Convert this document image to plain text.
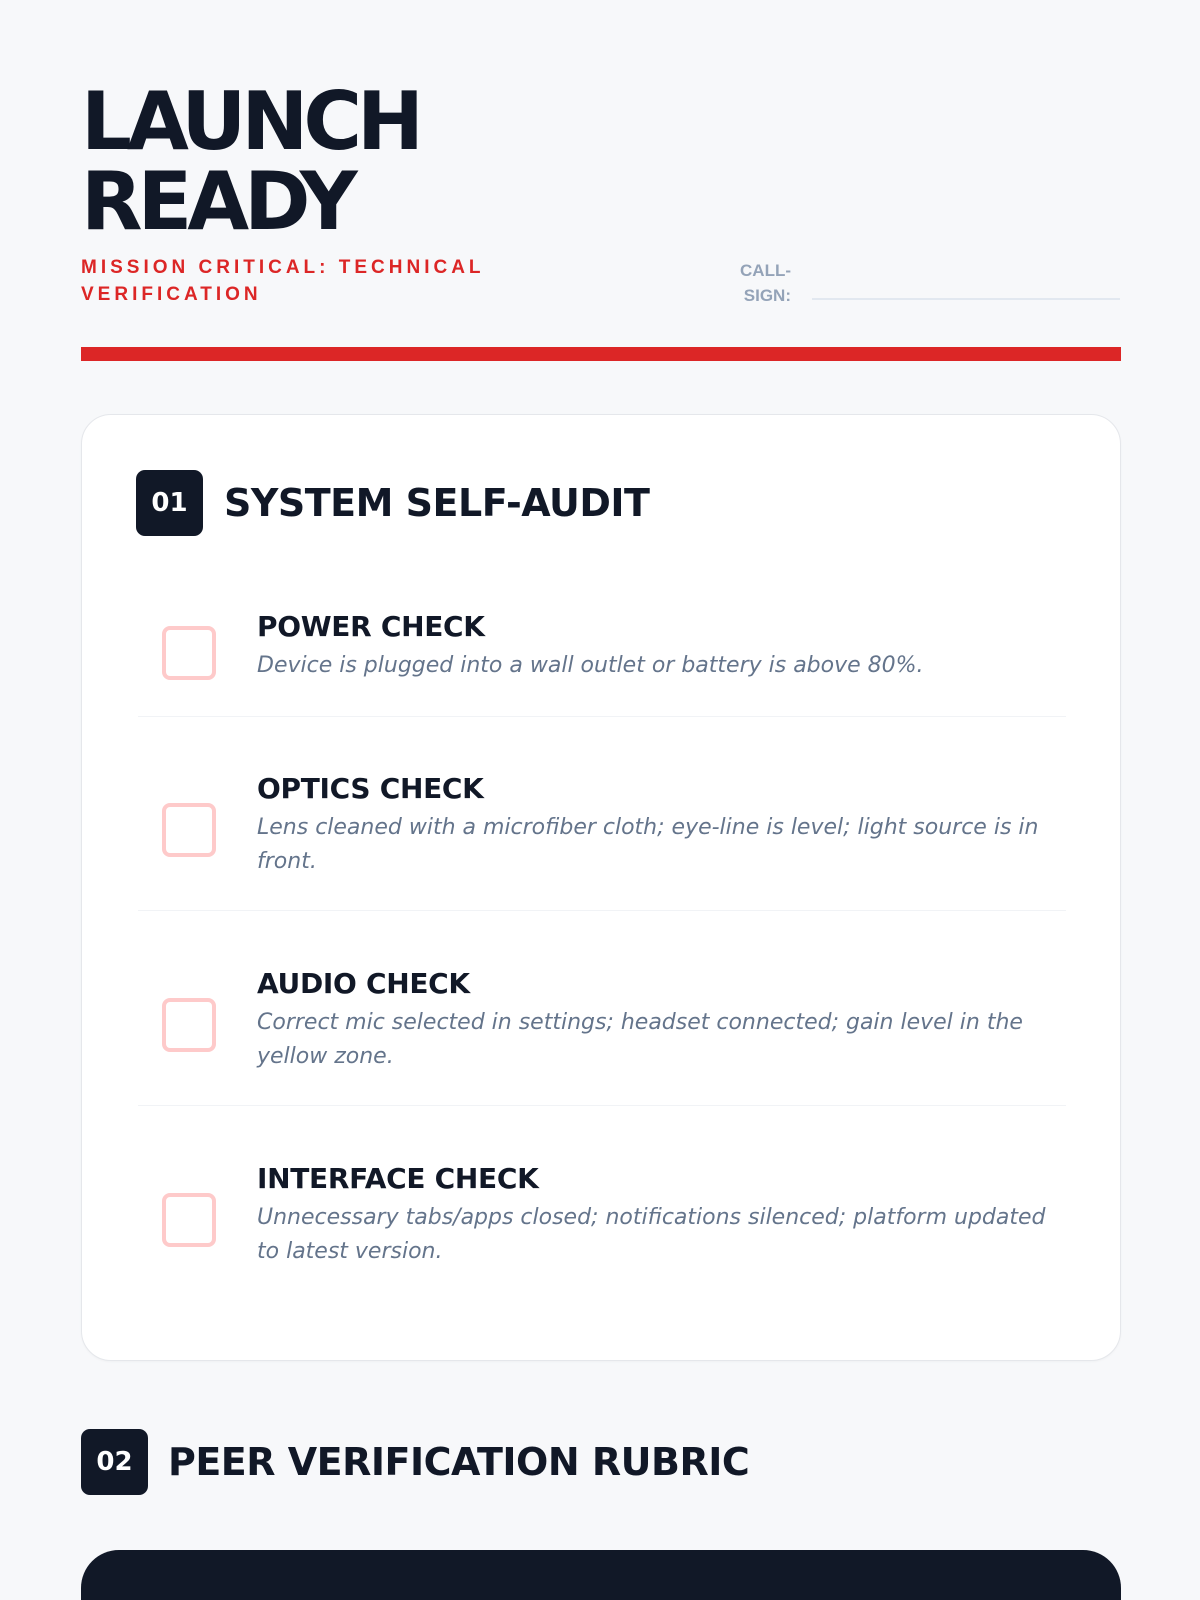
LAUNCH
READY
MISSION CRITICAL: TECHNICAL VERIFICATION
CALL-SIGN:
01 SYSTEM SELF-AUDIT
POWER CHECK
Device is plugged into a wall outlet or battery is above 80%.
OPTICS CHECK
Lens cleaned with a microfiber cloth; eye-line is level; light source is in front.
AUDIO CHECK
Correct mic selected in settings; headset connected; gain level in the yellow zone.
INTERFACE CHECK
Unnecessary tabs/apps closed; notifications silenced; platform updated to latest version.
02 PEER VERIFICATION RUBRIC
